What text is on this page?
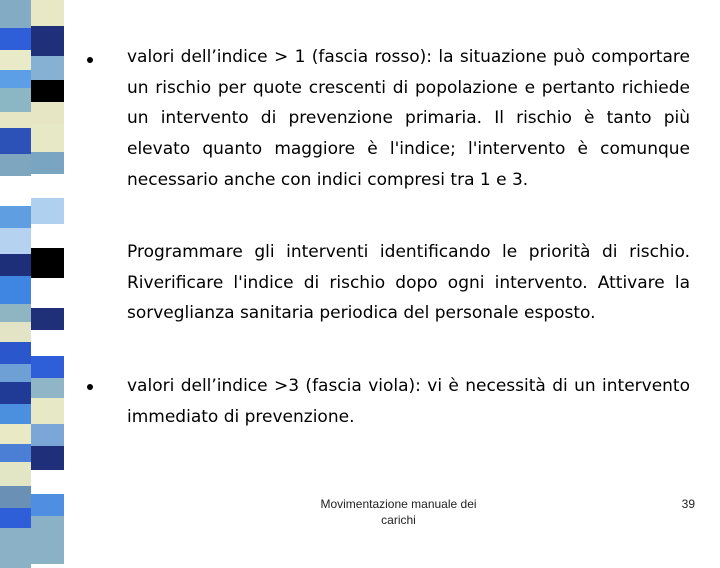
valori dell’indice > 1 (fascia rosso): la situazione può comportare un rischio per quote crescenti di popolazione e pertanto richiede un intervento di prevenzione primaria. Il rischio è tanto più elevato quanto maggiore è l'indice; l'intervento è comunque necessario anche con indici compresi tra 1 e 3.

Programmare gli interventi identificando le priorità di rischio. Riverificare l'indice di rischio dopo ogni intervento. Attivare la sorveglianza sanitaria periodica del personale esposto.

valori dell’indice >3 (fascia viola): vi è necessità di un intervento immediato di prevenzione.

Movimentazione manuale dei carichi
39
